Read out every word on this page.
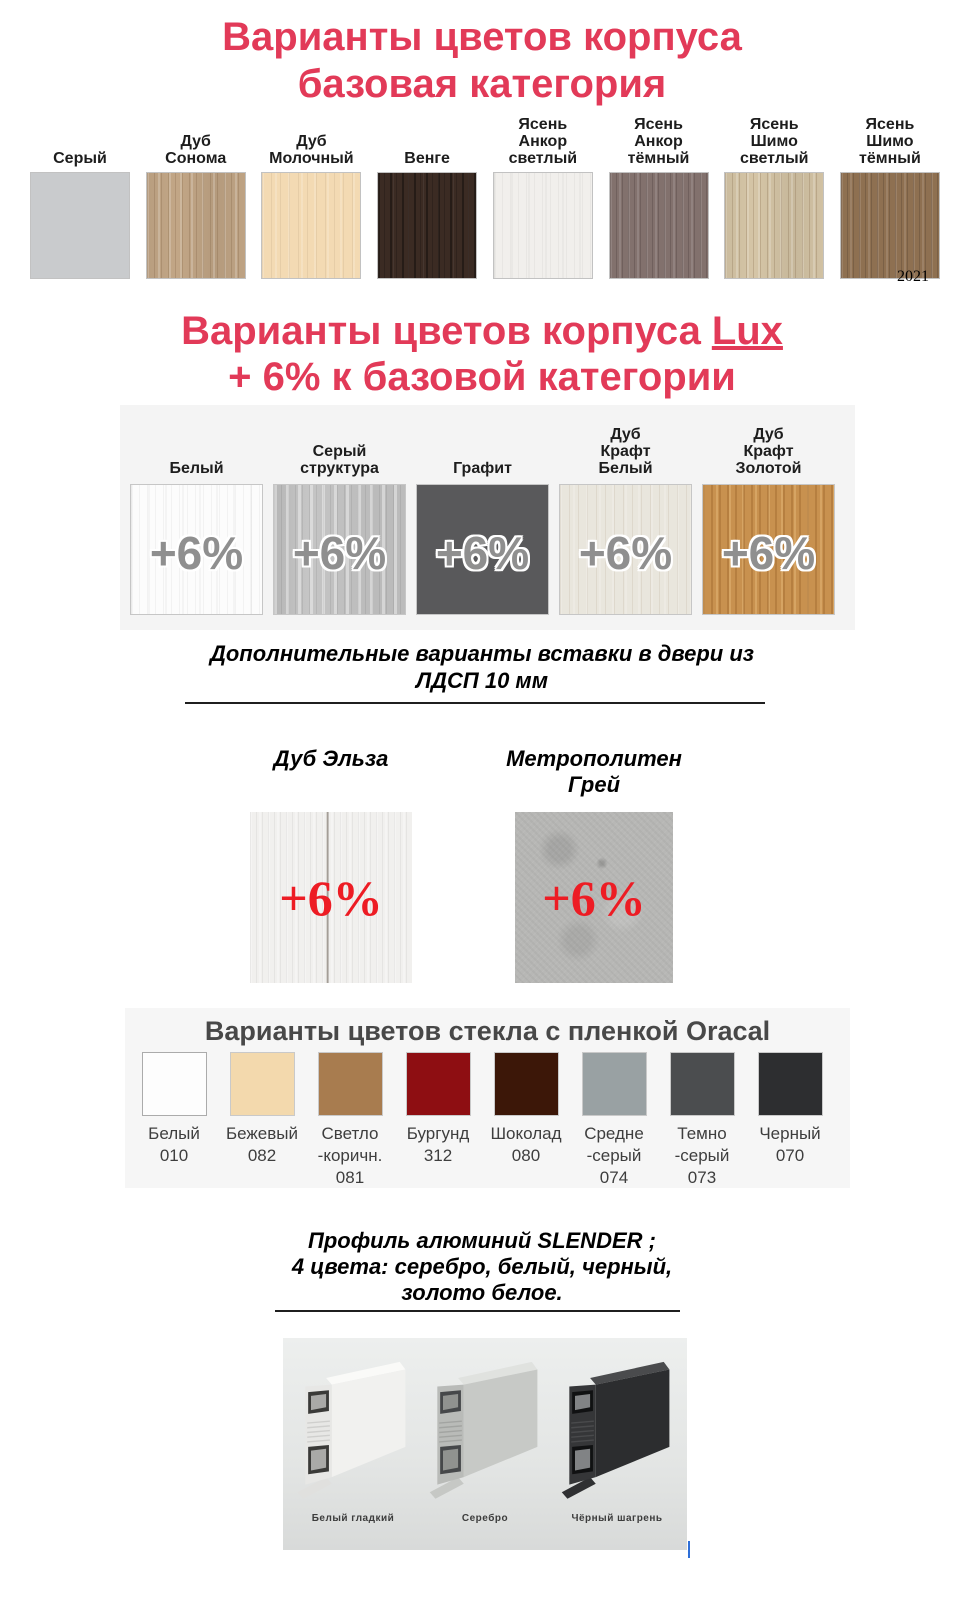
Варианты цветов корпуса
базовая категория
Серый
Дуб
Сонома
Дуб
Молочный	Венге
Ясень
Анкор
светлый
Ясень
Анкор
тёмный
Ясень
Шимо
светлый
Ясень
Шимо
тёмный
2021
Варианты цветов корпуса Lux
+ 6% к базовой категории
Белый
+6%
Серый
структура
+6%
Графит
+6%
Дуб
Крафт
Белый
+6%
Дуб
Крафт
Золотой
+6%
Дополнительные варианты вставки в двери из
ЛДСП 10 мм
Дуб Эльза	Метрополитен Грей
+6%	+6%
Варианты цветов стекла с пленкой Oracal
Белый
010
Бежевый
082
Светло
-коричн.
081
Бургунд
312
Шоколад
080
Средне
-серый
074
Темно
-серый
073
Черный
070
Профиль алюминий SLENDER ;
4 цвета: серебро, белый, черный,
золото белое.
Белый гладкий	Серебро	Чёрный шагрень
